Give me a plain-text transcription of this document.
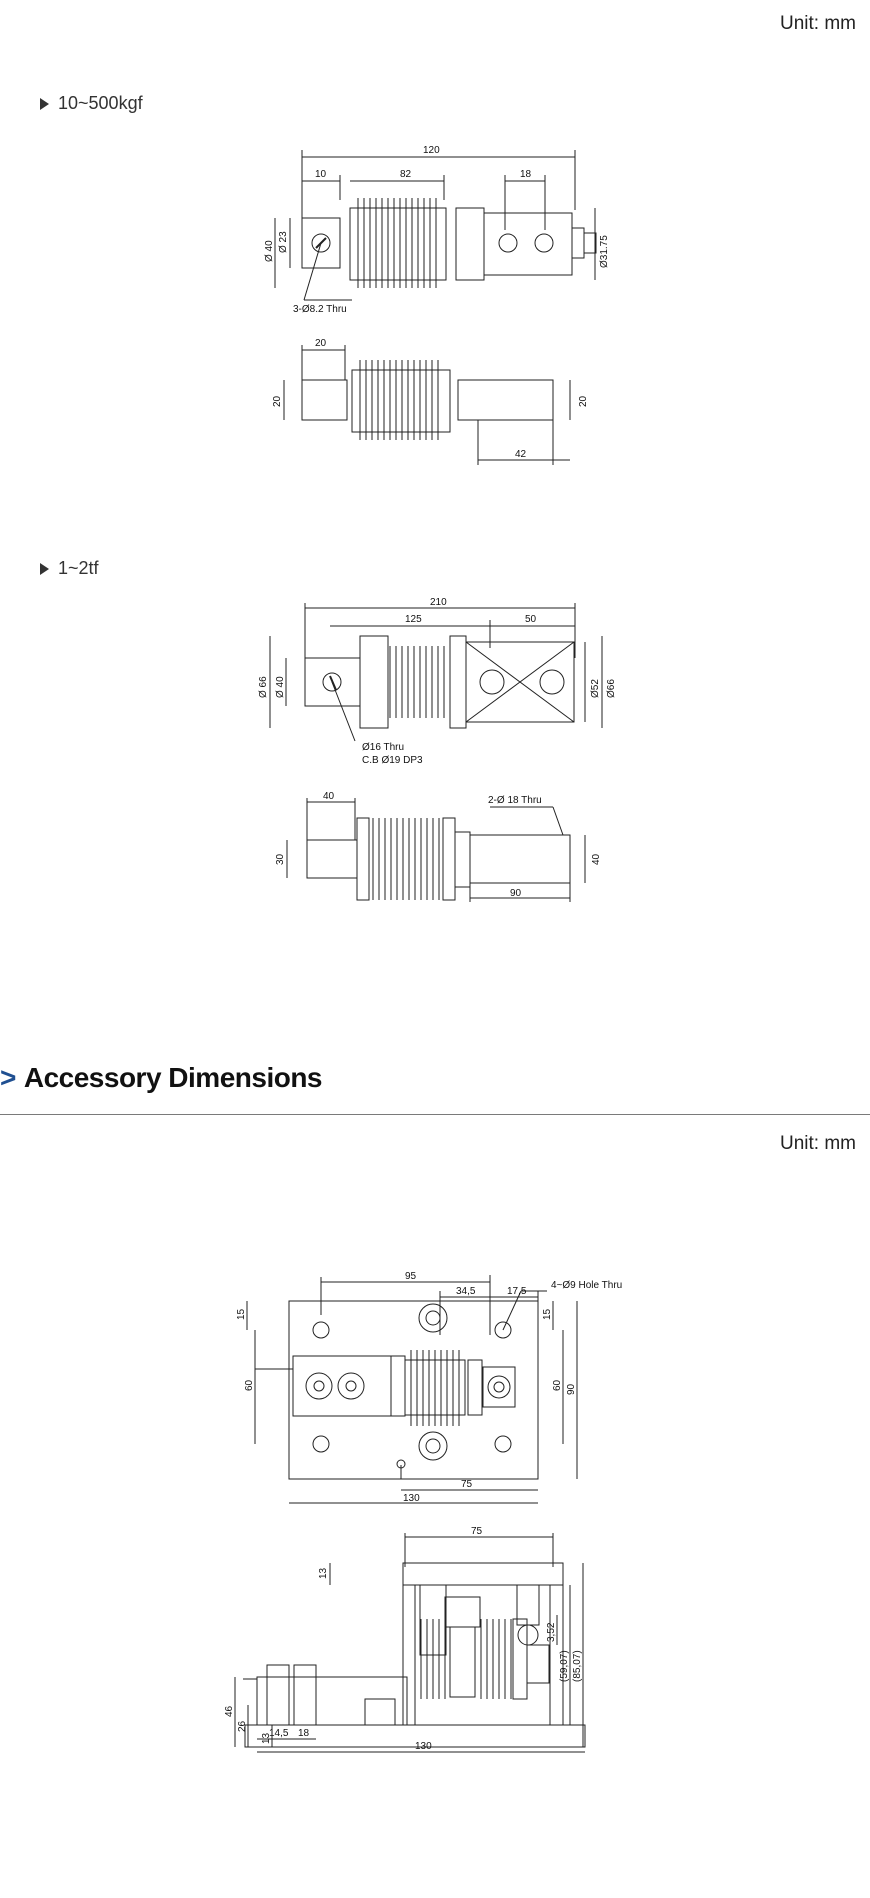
Unit: mm
10~500kgf
120
10	82	18
Ø 40 Ø 23	Ø31.75
3-Ø8.2 Thru
20
20	20
42
1~2tf
210
125	50
Ø 66 Ø 40	Ø52 Ø66
Ø16 Thru
C.B Ø19 DP3
40
30	40
90
2-Ø 18 Thru
> Accessory Dimensions
Unit: mm
95
34,5	17,5
15	15
60	60 90
75
130
4~Ø9 Hole Thru
75
13
3,52
(59,07) (85,07)
46
26
13
14,5 18
130
